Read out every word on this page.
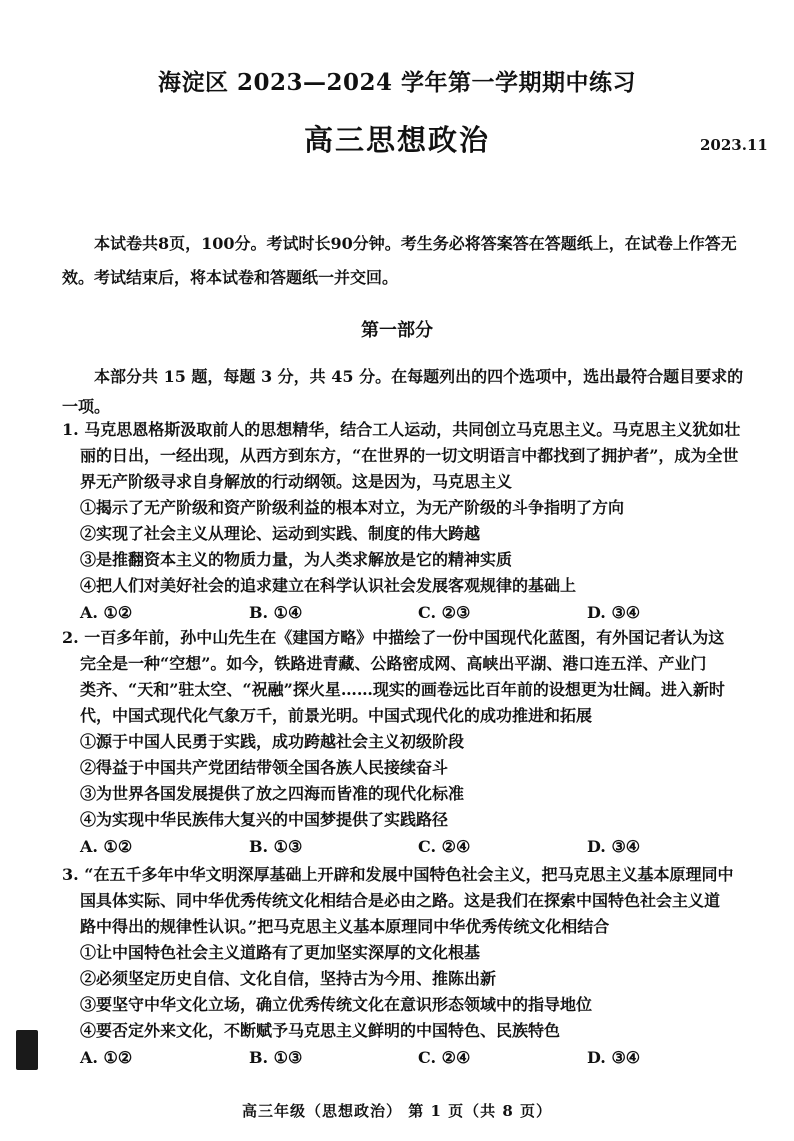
海淀区 2023—2024 学年第一学期期中练习
高三思想政治	2023.11
本试卷共8页，100分。考试时长90分钟。考生务必将答案答在答题纸上，在试卷上作答无效。考试结束后，将本试卷和答题纸一并交回。
第一部分
本部分共 15 题，每题 3 分，共 45 分。在每题列出的四个选项中，选出最符合题目要求的一项。
1. 马克思恩格斯汲取前人的思想精华，结合工人运动，共同创立马克思主义。马克思主义犹如壮
丽的日出，一经出现，从西方到东方，“在世界的一切文明语言中都找到了拥护者”，成为全世
界无产阶级寻求自身解放的行动纲领。这是因为，马克思主义
①揭示了无产阶级和资产阶级利益的根本对立，为无产阶级的斗争指明了方向
②实现了社会主义从理论、运动到实践、制度的伟大跨越
③是推翻资本主义的物质力量，为人类求解放是它的精神实质
④把人们对美好社会的追求建立在科学认识社会发展客观规律的基础上
A. ①②	B. ①④	C. ②③	D. ③④
2. 一百多年前，孙中山先生在《建国方略》中描绘了一份中国现代化蓝图，有外国记者认为这
完全是一种“空想”。如今，铁路进青藏、公路密成网、高峡出平湖、港口连五洋、产业门
类齐、“天和”驻太空、“祝融”探火星……现实的画卷远比百年前的设想更为壮阔。进入新时
代，中国式现代化气象万千，前景光明。中国式现代化的成功推进和拓展
①源于中国人民勇于实践，成功跨越社会主义初级阶段
②得益于中国共产党团结带领全国各族人民接续奋斗
③为世界各国发展提供了放之四海而皆准的现代化标准
④为实现中华民族伟大复兴的中国梦提供了实践路径
A. ①②	B. ①③	C. ②④	D. ③④
3. “在五千多年中华文明深厚基础上开辟和发展中国特色社会主义，把马克思主义基本原理同中
国具体实际、同中华优秀传统文化相结合是必由之路。这是我们在探索中国特色社会主义道
路中得出的规律性认识。”把马克思主义基本原理同中华优秀传统文化相结合
①让中国特色社会主义道路有了更加坚实深厚的文化根基
②必须坚定历史自信、文化自信，坚持古为今用、推陈出新
③要坚守中华文化立场，确立优秀传统文化在意识形态领域中的指导地位
④要否定外来文化，不断赋予马克思主义鲜明的中国特色、民族特色
A. ①②	B. ①③	C. ②④	D. ③④
高三年级（思想政治） 第 1 页（共 8 页）
